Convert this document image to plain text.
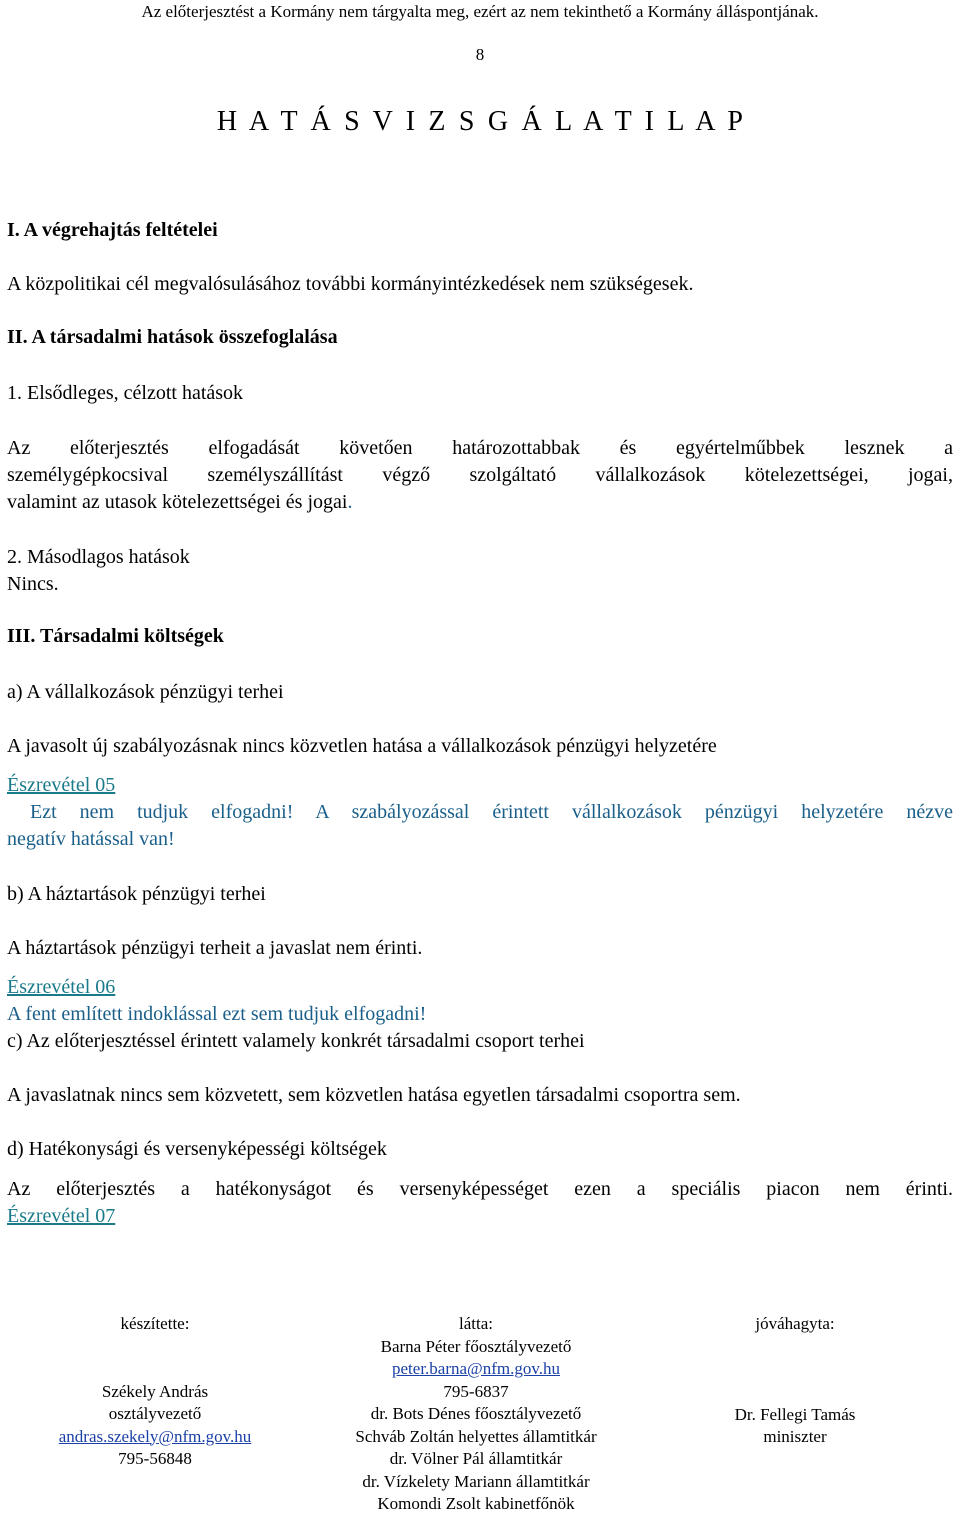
Az előterjesztést a Kormány nem tárgyalta meg, ezért az nem tekinthető a Kormány álláspontjának.

8

H A T Á S V I Z S G Á L A T I L A P

I. A végrehajtás feltételei

A közpolitikai cél megvalósulásához további kormányintézkedések nem szükségesek.

II. A társadalmi hatások összefoglalása

1. Elsődleges, célzott hatások

Az előterjesztés elfogadását követően határozottabbak és egyértelműbbek lesznek a

személygépkocsival személyszállítást végző szolgáltató vállalkozások kötelezettségei, jogai,

valamint az utasok kötelezettségei és jogai.

2. Másodlagos hatások

Nincs.

III. Társadalmi költségek

a) A vállalkozások pénzügyi terhei

A javasolt új szabályozásnak nincs közvetlen hatása a vállalkozások pénzügyi helyzetére

Észrevétel 05

Ezt nem tudjuk elfogadni! A szabályozással érintett vállalkozások pénzügyi helyzetére nézve

negatív hatással van!

b) A háztartások pénzügyi terhei

A háztartások pénzügyi terheit a javaslat nem érinti.

Észrevétel 06

A fent említett indoklással ezt sem tudjuk elfogadni!

c) Az előterjesztéssel érintett valamely konkrét társadalmi csoport terhei

A javaslatnak nincs sem közvetett, sem közvetlen hatása egyetlen társadalmi csoportra sem.

d) Hatékonysági és versenyképességi költségek

Az előterjesztés a hatékonyságot és versenyképességet ezen a speciális piacon nem érinti.

Észrevétel 07
készítette:
Székely András
osztályvezető
andras.szekely@nfm.gov.hu
795-56848
látta:
Barna Péter főosztályvezető
peter.barna@nfm.gov.hu
795-6837
dr. Bots Dénes főosztályvezető
Schváb Zoltán helyettes államtitkár
dr. Völner Pál államtitkár
dr. Vízkelety Mariann államtitkár
Komondi Zsolt kabinetfőnök
jóváhagyta:
Dr. Fellegi Tamás
miniszter
